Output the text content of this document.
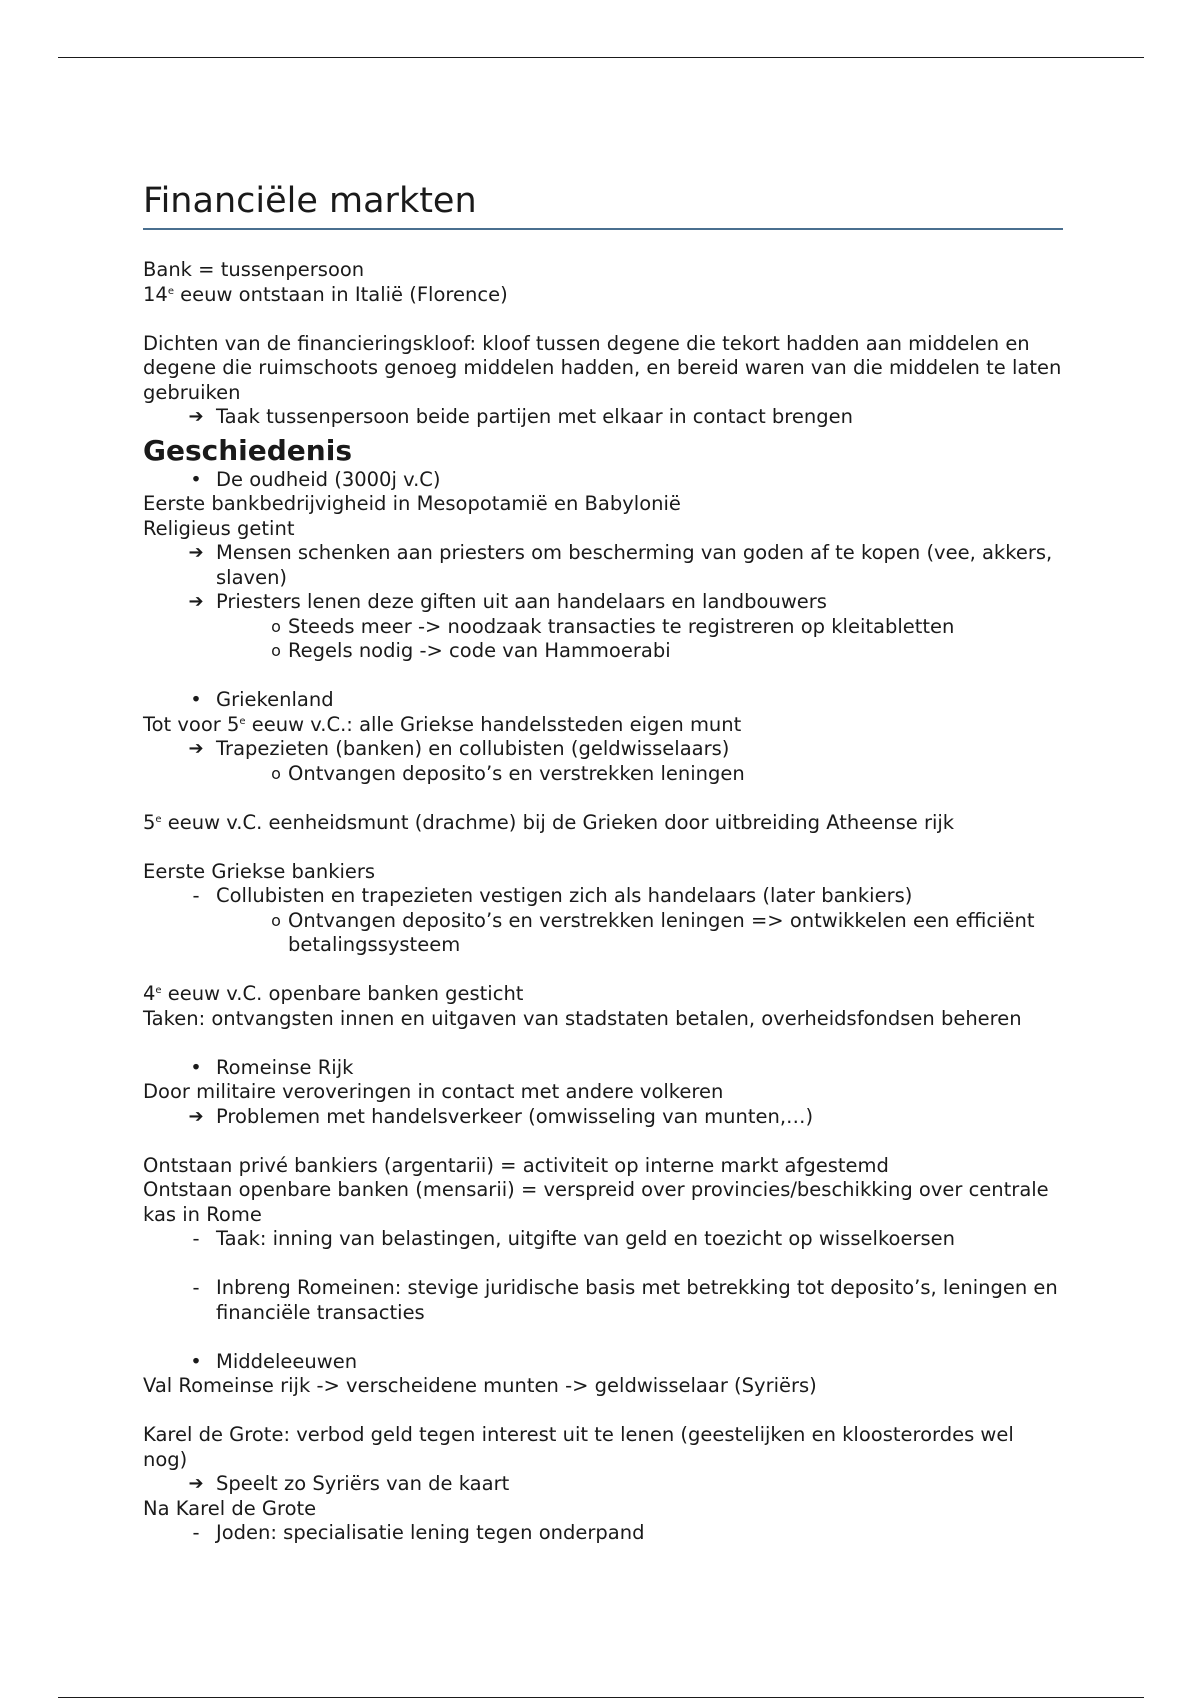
Financiële markten

Bank = tussenpersoon

14e eeuw ontstaan in Italië (Florence)

Dichten van de financieringskloof: kloof tussen degene die tekort hadden aan middelen en degene die ruimschoots genoeg middelen hadden, en bereid waren van die middelen te laten gebruiken

➔ Taak tussenpersoon beide partijen met elkaar in contact brengen
Geschiedenis
• De oudheid (3000j v.C)

Eerste bankbedrijvigheid in Mesopotamië en Babylonië

Religieus getint

➔ Mensen schenken aan priesters om bescherming van goden af te kopen (vee, akkers, slaven)
➔ Priesters lenen deze giften uit aan handelaars en landbouwers
o Steeds meer -> noodzaak transacties te registreren op kleitabletten
o Regels nodig -> code van Hammoerabi
• Griekenland

Tot voor 5e eeuw v.C.: alle Griekse handelssteden eigen munt

➔ Trapezieten (banken) en collubisten (geldwisselaars)
o Ontvangen deposito’s en verstrekken leningen

5e eeuw v.C. eenheidsmunt (drachme) bij de Grieken door uitbreiding Atheense rijk

Eerste Griekse bankiers

- Collubisten en trapezieten vestigen zich als handelaars (later bankiers)
o Ontvangen deposito’s en verstrekken leningen => ontwikkelen een efficiënt betalingssysteem

4e eeuw v.C. openbare banken gesticht

Taken: ontvangsten innen en uitgaven van stadstaten betalen, overheidsfondsen beheren

• Romeinse Rijk

Door militaire veroveringen in contact met andere volkeren

➔ Problemen met handelsverkeer (omwisseling van munten,…)

Ontstaan privé bankiers (argentarii) = activiteit op interne markt afgestemd

Ontstaan openbare banken (mensarii) = verspreid over provincies/beschikking over centrale kas in Rome

- Taak: inning van belastingen, uitgifte van geld en toezicht op wisselkoersen
- Inbreng Romeinen: stevige juridische basis met betrekking tot deposito’s, leningen en financiële transacties
• Middeleeuwen

Val Romeinse rijk -> verscheidene munten -> geldwisselaar (Syriërs)

Karel de Grote: verbod geld tegen interest uit te lenen (geestelijken en kloosterordes wel nog)

➔ Speelt zo Syriërs van de kaart

Na Karel de Grote

- Joden: specialisatie lening tegen onderpand
